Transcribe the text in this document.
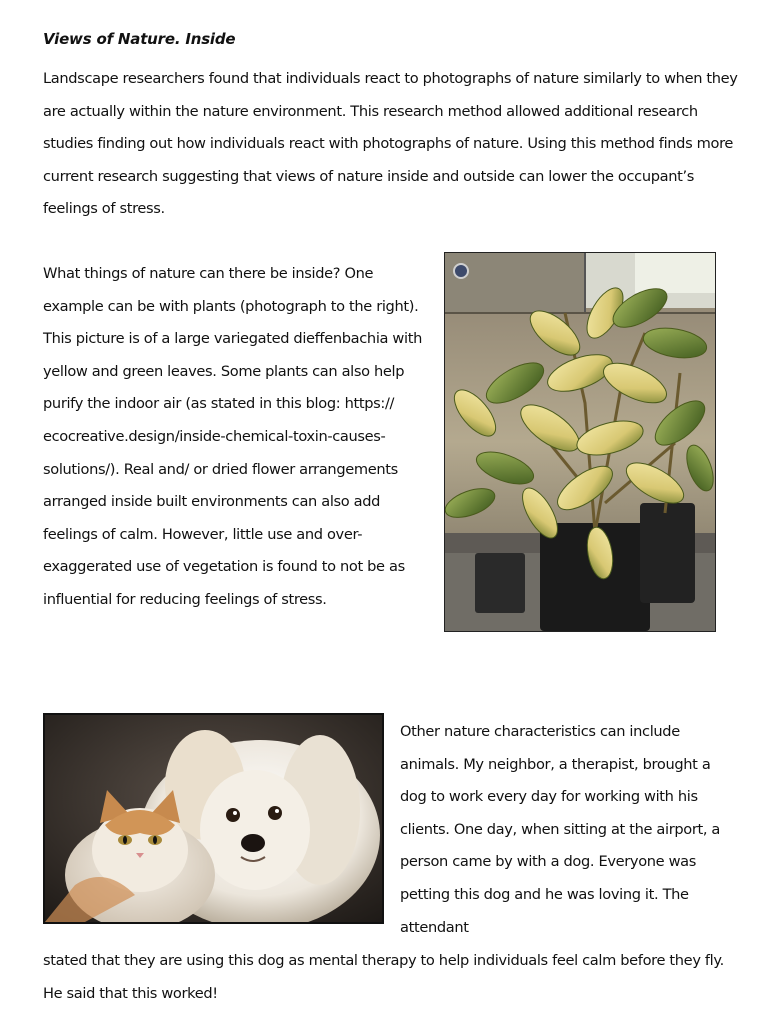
Views of Nature. Inside

Landscape researchers found that individuals react to photographs of nature similarly to when they are actually within the nature environment. This research method allowed additional research studies finding out how individuals react with photographs of nature. Using this method finds more current research suggesting that views of nature inside and outside can lower the occupant’s feelings of stress.

What things of nature can there be inside? One example can be with plants (photograph to the right). This picture is of a large variegated dieffenbachia with yellow and green leaves. Some plants can also help purify the indoor air (as stated in this blog: https:// ecocreative.design/inside-chemical-toxin-causes-solutions/). Real and/ or dried flower arrangements arranged inside built environments can also add feelings of calm. However, little use and over-exaggerated use of vegetation is found to not be as influential for reducing feelings of stress.

Other nature characteristics can include animals. My neighbor, a therapist, brought a dog to work every day for working with his clients. One day, when sitting at the airport, a person came by with a dog. Everyone was petting this dog and he was loving it. The attendant

stated that they are using this dog as mental therapy to help individuals feel calm before they fly. He said that this worked!
